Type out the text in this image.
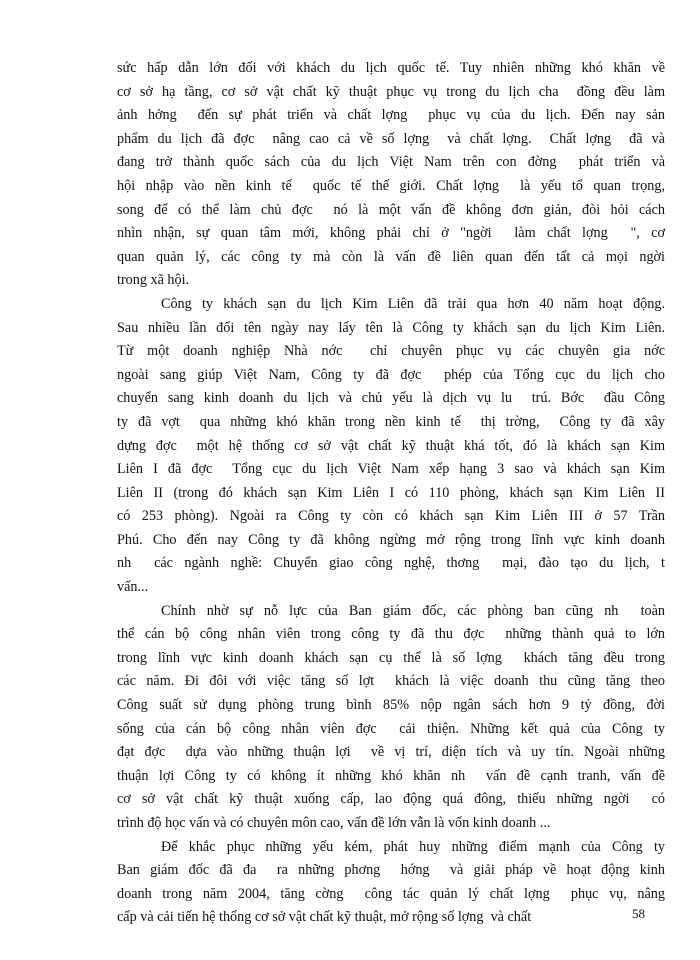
sức hấp dẫn lớn đối với khách du lịch quốc tế. Tuy nhiên những khó khăn về
cơ sở hạ tầng, cơ sở vật chất kỹ thuật phục vụ trong du lịch cha  đồng đều làm
ảnh hởng  đến sự phát triển và chất lợng  phục vụ của du lịch. Đến nay sản
phẩm du lịch đã đợc  nâng cao cả về số lợng  và chất lợng.  Chất lợng  đã và
đang trở thành quốc sách của du lịch Việt Nam trên con đờng  phát triển và
hội nhập vào nền kinh tế  quốc tế thế giới. Chất lợng  là yếu tố quan trọng,
song để có thể làm chủ đợc  nó là một vấn đề không đơn giản, đòi hỏi cách
nhìn nhận, sự quan tâm mới, không phải chỉ ở "ngời  làm chất lợng  ", cơ
quan quản lý, các công ty mà còn là vấn đề liên quan đến tất cả mọi ngời
trong xã hội.

Công ty khách sạn du lịch Kim Liên đã trải qua hơn 40 năm hoạt động.
Sau nhiều lần đổi tên ngày nay lấy tên là Công ty khách sạn du lịch Kim Liên.
Từ một doanh nghiệp Nhà nớc  chỉ chuyên phục vụ các chuyên gia nớc
ngoài sang giúp Việt Nam, Công ty đã đợc  phép của Tổng cục du lịch cho
chuyển sang kinh doanh du lịch và chủ yếu là dịch vụ lu  trú. Bớc  đầu Công
ty đã vợt  qua những khó khăn trong nền kinh tế  thị trờng,  Công ty đã xây
dựng đợc  một hệ thống cơ sở vật chất kỹ thuật khá tốt, đó là khách sạn Kim
Liên I đã đợc  Tổng cục du lịch Việt Nam xếp hạng 3 sao và khách sạn Kim
Liên II (trong đó khách sạn Kim Liên I có 110 phòng, khách sạn Kim Liên II
có 253 phòng). Ngoài ra Công ty còn có khách sạn Kim Liên III ở 57 Trần
Phú. Cho đến nay Công ty đã không ngừng mở rộng trong lĩnh vực kinh doanh
nh  các ngành nghề: Chuyển giao công nghệ, thơng  mại, đào tạo du lịch, t
vấn...

Chính nhờ sự nỗ lực của Ban giám đốc, các phòng ban cũng nh  toàn
thể cán bộ công nhân viên trong công ty đã thu đợc  những thành quả to lớn
trong lĩnh vực kinh doanh khách sạn cụ thể là số lợng  khách tăng đều trong
các năm. Đi đôi với việc tăng số lợt  khách là việc doanh thu cũng tăng theo
Công suất sử dụng phòng trung bình 85% nộp ngân sách hơn 9 tỷ đồng, đời
sống của cán bộ công nhân viên đợc  cải thiện. Những kết quả của Công ty
đạt đợc  dựa vào những thuận lợi  về vị trí, diện tích và uy tín. Ngoài những
thuận lợi Công ty có không ít những khó khăn nh  vấn đề cạnh tranh, vấn đề
cơ sở vật chất kỹ thuật xuống cấp, lao động quá đông, thiếu những ngời  có
trình độ học vấn và có chuyên môn cao, vấn đề lớn vẫn là vốn kinh doanh ...

Để khắc phục những yếu kém, phát huy những điểm mạnh của Công ty
Ban giám đốc đã đa  ra những phơng  hớng  và giải pháp về hoạt động kinh
doanh trong năm 2004, tăng cờng  công tác quản lý chất lợng  phục vụ, nâng
cấp và cải tiến hệ thống cơ sở vật chất kỹ thuật, mở rộng số lợng  và chất	58
